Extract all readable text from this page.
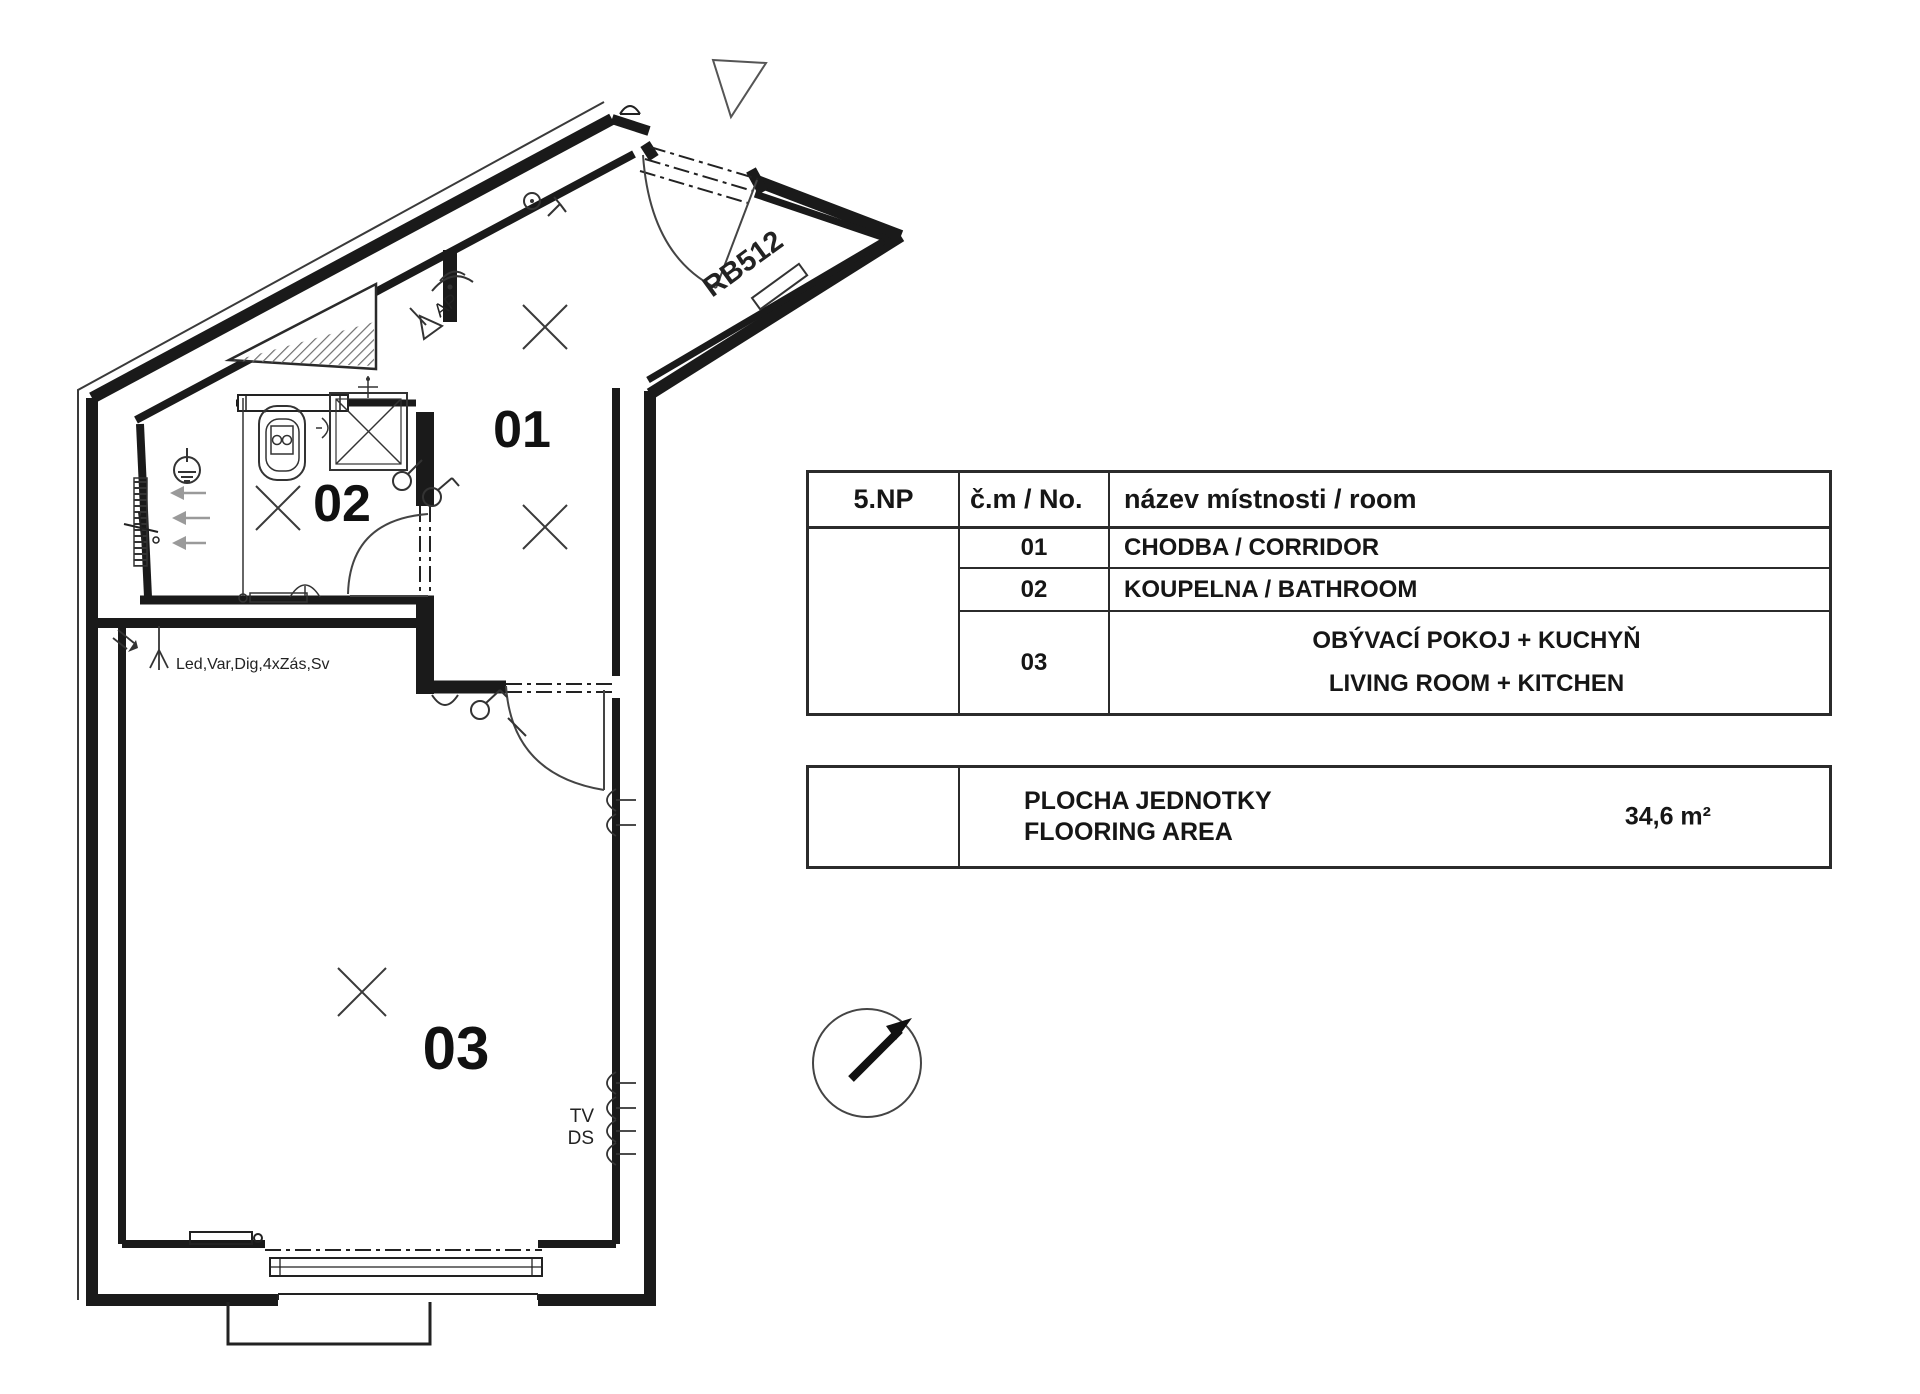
AP
RB512
TV
DS
Led,Var,Dig,4xZás,Sv
01
02
03
5.NP č.m / No. název místnosti / room
01	CHODBA / CORRIDOR
02	KOUPELNA / BATHROOM
03
OBÝVACÍ POKOJ + KUCHYŇ
LIVING ROOM + KITCHEN
PLOCHA JEDNOTKY
FLOORING AREA
34,6 m²
